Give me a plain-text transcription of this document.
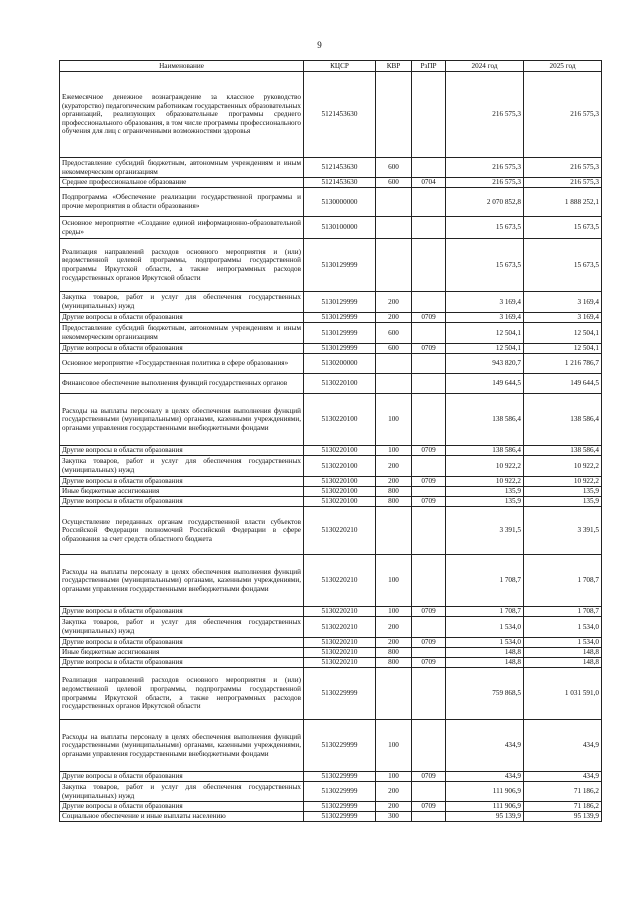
9
Наименование	КЦСР	КВР	РзПР	2024 год	2025 год
Ежемесячное денежное вознаграждение за классное руководство (кураторство) педагогическим работникам государственных образовательных организаций, реализующих образовательные программы среднего профессионального образования, в том числе программы профессионального обучения для лиц с ограниченными возможностями здоровья	5121453630			216 575,3	216 575,3
Предоставление субсидий бюджетным, автономным учреждениям и иным некоммерческим организациям	5121453630	600		216 575,3	216 575,3
Среднее профессиональное образование	5121453630	600	0704	216 575,3	216 575,3
Подпрограмма «Обеспечение реализации государственной программы и прочие мероприятия в области образования»	5130000000			2 070 852,8	1 888 252,1
Основное мероприятие «Создание единой информационно-образовательной среды»	5130100000			15 673,5	15 673,5
Реализация направлений расходов основного мероприятия и (или) ведомственной целевой программы, подпрограммы государственной программы Иркутской области, а также непрограммных расходов государственных органов Иркутской области	5130129999			15 673,5	15 673,5
Закупка товаров, работ и услуг для обеспечения государственных (муниципальных) нужд	5130129999	200		3 169,4	3 169,4
Другие вопросы в области образования	5130129999	200	0709	3 169,4	3 169,4
Предоставление субсидий бюджетным, автономным учреждениям и иным некоммерческим организациям	5130129999	600		12 504,1	12 504,1
Другие вопросы в области образования	5130129999	600	0709	12 504,1	12 504,1
Основное мероприятие «Государственная политика в сфере образования»	5130200000			943 820,7	1 216 786,7
Финансовое обеспечение выполнения функций государственных органов	5130220100			149 644,5	149 644,5
Расходы на выплаты персоналу в целях обеспечения выполнения функций государственными (муниципальными) органами, казенными учреждениями, органами управления государственными внебюджетными фондами	5130220100	100		138 586,4	138 586,4
Другие вопросы в области образования	5130220100	100	0709	138 586,4	138 586,4
Закупка товаров, работ и услуг для обеспечения государственных (муниципальных) нужд	5130220100	200		10 922,2	10 922,2
Другие вопросы в области образования	5130220100	200	0709	10 922,2	10 922,2
Иные бюджетные ассигнования	5130220100	800		135,9	135,9
Другие вопросы в области образования	5130220100	800	0709	135,9	135,9
Осуществление переданных органам государственной власти субъектов Российской Федерации полномочий Российской Федерации в сфере образования за счет средств областного бюджета	5130220210			3 391,5	3 391,5
Расходы на выплаты персоналу в целях обеспечения выполнения функций государственными (муниципальными) органами, казенными учреждениями, органами управления государственными внебюджетными фондами	5130220210	100		1 708,7	1 708,7
Другие вопросы в области образования	5130220210	100	0709	1 708,7	1 708,7
Закупка товаров, работ и услуг для обеспечения государственных (муниципальных) нужд	5130220210	200		1 534,0	1 534,0
Другие вопросы в области образования	5130220210	200	0709	1 534,0	1 534,0
Иные бюджетные ассигнования	5130220210	800		148,8	148,8
Другие вопросы в области образования	5130220210	800	0709	148,8	148,8
Реализация направлений расходов основного мероприятия и (или) ведомственной целевой программы, подпрограммы государственной программы Иркутской области, а также непрограммных расходов государственных органов Иркутской области	5130229999			759 868,5	1 031 591,0
Расходы на выплаты персоналу в целях обеспечения выполнения функций государственными (муниципальными) органами, казенными учреждениями, органами управления государственными внебюджетными фондами	5130229999	100		434,9	434,9
Другие вопросы в области образования	5130229999	100	0709	434,9	434,9
Закупка товаров, работ и услуг для обеспечения государственных (муниципальных) нужд	5130229999	200		111 906,9	71 186,2
Другие вопросы в области образования	5130229999	200	0709	111 906,9	71 186,2
Социальное обеспечение и иные выплаты населению	5130229999	300		95 139,9	95 139,9
